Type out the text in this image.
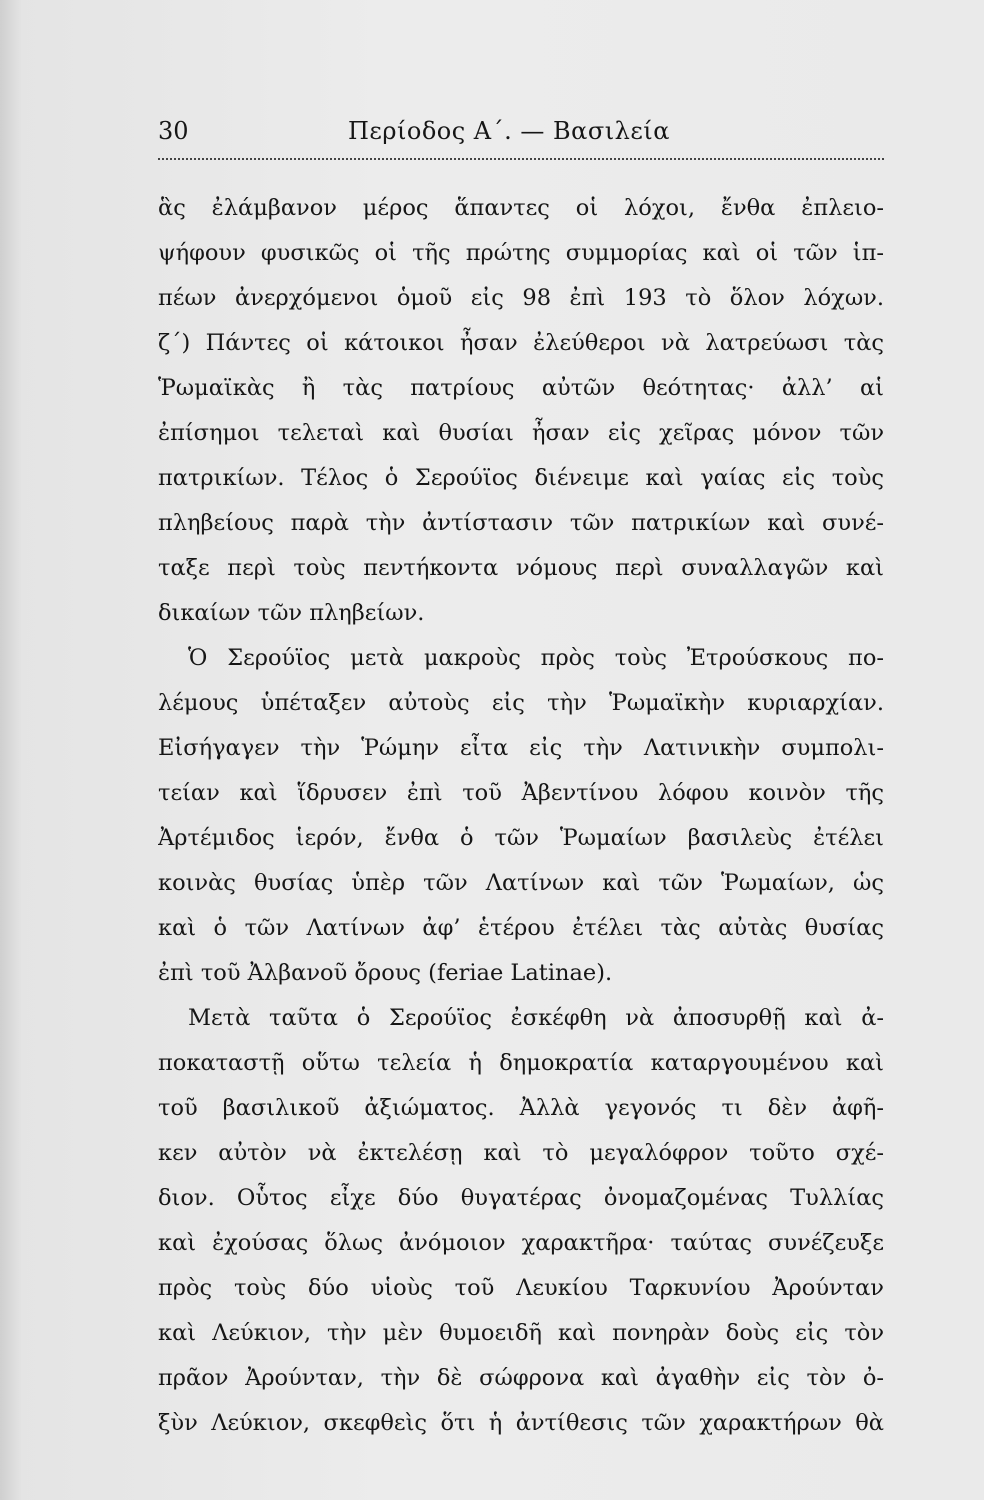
30	Περίοδος Α΄. — Βασιλεία
ἃς ἐλάμβανον μέρος ἅπαντες οἱ λόχοι, ἔνθα ἐπλειο-
ψήφουν φυσικῶς οἱ τῆς πρώτης συμμορίας καὶ οἱ τῶν ἱπ-
πέων ἀνερχόμενοι ὁμοῦ εἰς 98 ἐπὶ 193 τὸ ὅλον λόχων.
ζ΄) Πάντες οἱ κάτοικοι ἦσαν ἐλεύθεροι νὰ λατρεύωσι τὰς
Ῥωμαϊκὰς ἢ τὰς πατρίους αὐτῶν θεότητας· ἀλλ’ αἱ
ἐπίσημοι τελεταὶ καὶ θυσίαι ἦσαν εἰς χεῖρας μόνον τῶν
πατρικίων. Τέλος ὁ Σερούϊος διένειμε καὶ γαίας εἰς τοὺς
πληβείους παρὰ τὴν ἀντίστασιν τῶν πατρικίων καὶ συνέ-
ταξε περὶ τοὺς πεντήκοντα νόμους περὶ συναλλαγῶν καὶ
δικαίων τῶν πληβείων.
Ὁ Σερούϊος μετὰ μακροὺς πρὸς τοὺς Ἐτρούσκους πο-
λέμους ὑπέταξεν αὐτοὺς εἰς τὴν Ῥωμαϊκὴν κυριαρχίαν.
Εἰσήγαγεν τὴν Ῥώμην εἶτα εἰς τὴν Λατινικὴν συμπολι-
τείαν καὶ ἵδρυσεν ἐπὶ τοῦ Ἀβεντίνου λόφου κοινὸν τῆς
Ἀρτέμιδος ἱερόν, ἔνθα ὁ τῶν Ῥωμαίων βασιλεὺς ἐτέλει
κοινὰς θυσίας ὑπὲρ τῶν Λατίνων καὶ τῶν Ῥωμαίων, ὡς
καὶ ὁ τῶν Λατίνων ἀφ’ ἑτέρου ἐτέλει τὰς αὐτὰς θυσίας
ἐπὶ τοῦ Ἀλβανοῦ ὄρους (feriae Latinae).
Μετὰ ταῦτα ὁ Σερούϊος ἐσκέφθη νὰ ἀποσυρθῇ καὶ ἀ-
ποκαταστῇ οὕτω τελεία ἡ δημοκρατία καταργουμένου καὶ
τοῦ βασιλικοῦ ἀξιώματος. Ἀλλὰ γεγονός τι δὲν ἀφῆ-
κεν αὐτὸν νὰ ἐκτελέσῃ καὶ τὸ μεγαλόφρον τοῦτο σχέ-
διον. Οὗτος εἶχε δύο θυγατέρας ὀνομαζομένας Τυλλίας
καὶ ἐχούσας ὅλως ἀνόμοιον χαρακτῆρα· ταύτας συνέζευξε
πρὸς τοὺς δύο υἱοὺς τοῦ Λευκίου Ταρκυνίου Ἀρούνταν
καὶ Λεύκιον, τὴν μὲν θυμοειδῆ καὶ πονηρὰν δοὺς εἰς τὸν
πρᾶον Ἀρούνταν, τὴν δὲ σώφρονα καὶ ἀγαθὴν εἰς τὸν ὀ-
ξὺν Λεύκιον, σκεφθεὶς ὅτι ἡ ἀντίθεσις τῶν χαρακτήρων θὰ
